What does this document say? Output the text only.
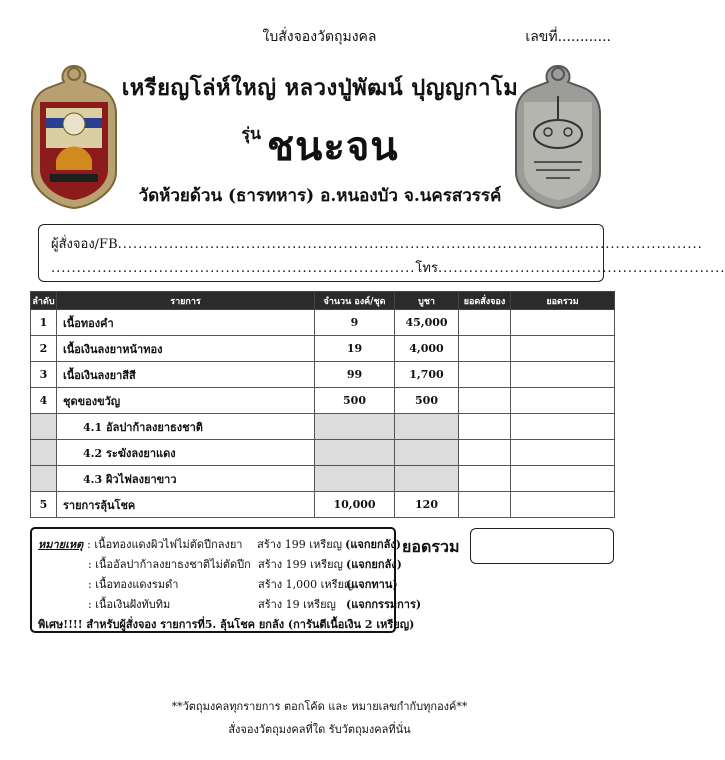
ใบสั่งจองวัตถุมงคล	เลขที่............
เหรียญโล่ห์ใหญ่ หลวงปู่พัฒน์ ปุญญกาโม
รุ่น ชนะจน
วัดห้วยด้วน (ธารทหาร) อ.หนองบัว จ.นครสวรรค์
ผู้สั่งจอง/FB..................................................................................................................
.......................................................................โทร........................................................
ลำดับ	รายการ	จำนวน องค์/ชุด	บูชา	ยอดสั่งจอง	ยอดรวม
1	เนื้อทองคำ	9	45,000		
2	เนื้อเงินลงยาหน้าทอง	19	4,000		
3	เนื้อเงินลงยาสีสี	99	1,700		
4	ชุดของขวัญ	500	500		
	4.1 อัลปาก้าลงยาธงชาติ				
	4.2 ระฆังลงยาแดง				
	4.3 ผิวไฟลงยาขาว				
5	รายการลุ้นโชค	10,000	120		
หมายเหตุ : เนื้อทองแดงผิวไฟไม่ตัดปีกลงยา สร้าง 199 เหรียญ (แจกยกลัง)
: เนื้ออัลปาก้าลงยาธงชาติไม่ตัดปีก สร้าง 199 เหรียญ (แจกยกลัง)
: เนื้อทองแดงรมดำ	สร้าง 1,000 เหรียญ(แจกทาน)
: เนื้อเงินฝังทับทิม	สร้าง 19 เหรียญ (แจกกรรมการ)
พิเศษ!!!! สำหรับผู้สั่งจอง รายการที่5. ลุ้นโชค ยกลัง (การันตีเนื้อเงิน 2 เหรียญ)
ยอดรวม
**วัตถุมงคลทุกรายการ ตอกโค้ด และ หมายเลขกำกับทุกองค์**
สั่งจองวัตถุมงคลที่ใด รับวัตถุมงคลที่นั่น
